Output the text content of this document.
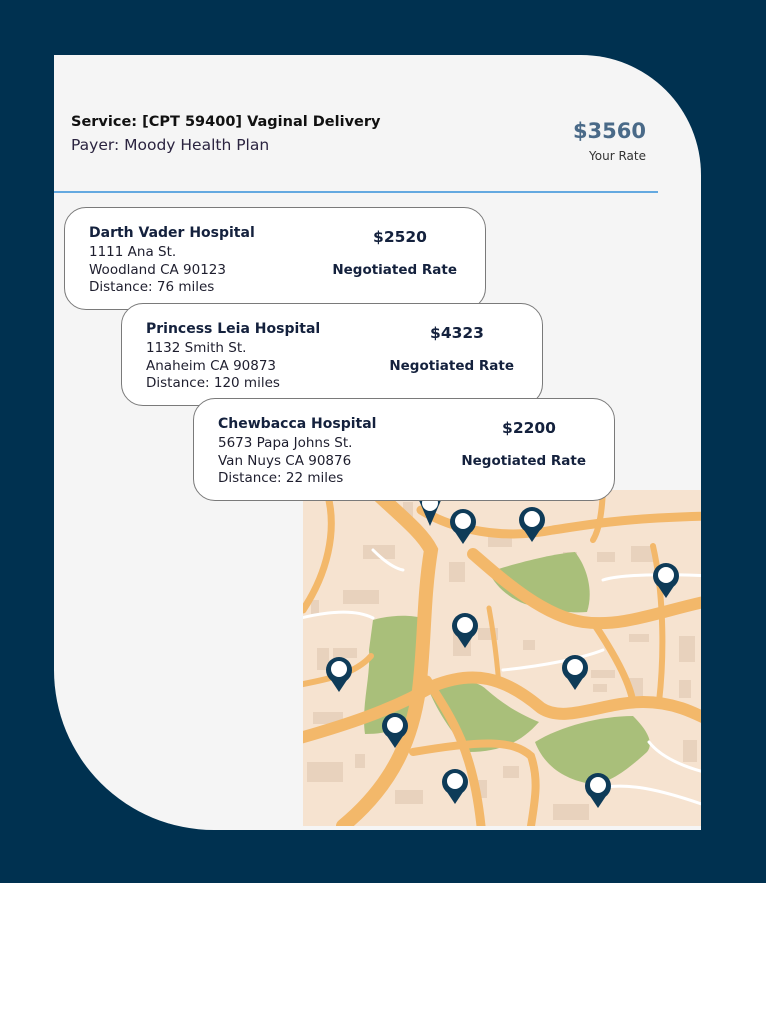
Service: [CPT 59400] Vaginal Delivery
Payer: Moody Health Plan
$3560
Your Rate
Darth Vader Hospital
1111 Ana St.
Woodland CA 90123
Distance: 76 miles
$2520
Negotiated Rate
Princess Leia Hospital
1132 Smith St.
Anaheim CA 90873
Distance: 120 miles
$4323
Negotiated Rate
Chewbacca Hospital
5673 Papa Johns St.
Van Nuys CA 90876
Distance: 22 miles
$2200
Negotiated Rate
